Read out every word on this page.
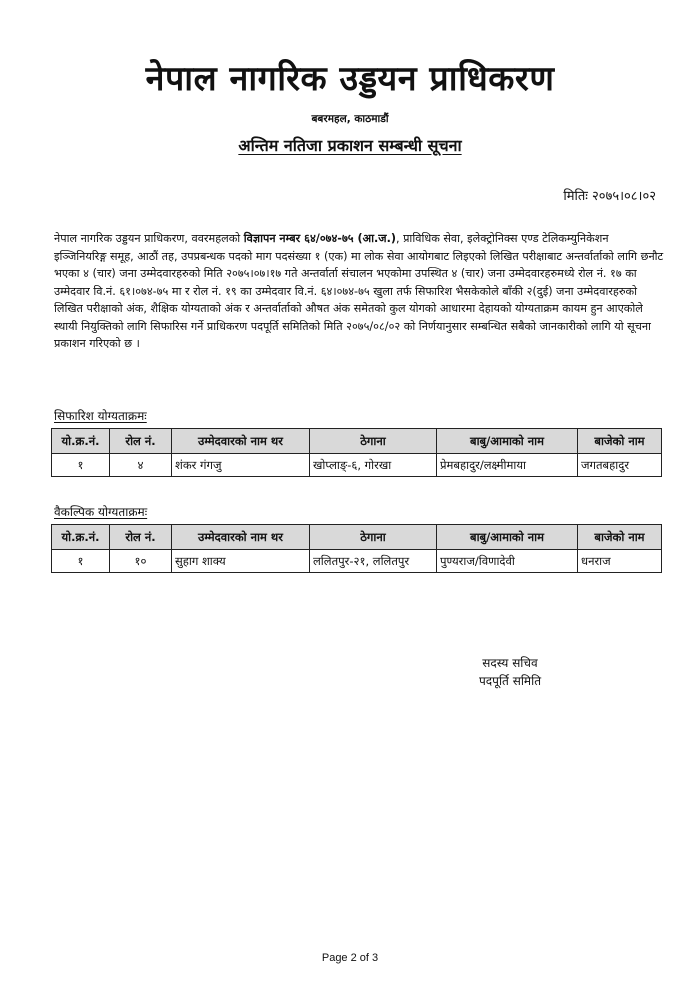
नेपाल नागरिक उड्डयन प्राधिकरण
बबरमहल, काठमाडौं
अन्तिम नतिजा प्रकाशन सम्बन्धी सूचना
मितिः २०७५।०८।०२
नेपाल नागरिक उड्डयन प्राधिकरण, ववरमहलको विज्ञापन नम्बर ६४/०७४-७५ (आ.ज.), प्राविधिक सेवा, इलेक्ट्रोनिक्स एण्ड टेलिकम्युनिकेशन इञ्जिनियरिङ्ग समूह, आठौं तह, उपप्रबन्धक पदको माग पदसंख्या १ (एक) मा लोक सेवा आयोगबाट लिइएको लिखित परीक्षाबाट अन्तर्वार्ताको लागि छनौट भएका ४ (चार) जना उम्मेदवारहरुको मिति २०७५।०७।१७ गते अन्तर्वार्ता संचालन भएकोमा उपस्थित ४ (चार) जना उम्मेदवारहरुमध्ये रोल नं. १७ का उम्मेदवार वि.नं. ६१।०७४-७५ मा र रोल नं. १९ का उम्मेदवार वि.नं. ६४।०७४-७५ खुला तर्फ सिफारिश भैसकेकोले बाँकी २(दुई) जना उम्मेदवारहरुको लिखित परीक्षाको अंक, शैक्षिक योग्यताको अंक र अन्तर्वार्ताको औषत अंक समेतको कुल योगको आधारमा देहायको योग्यताक्रम कायम हुन आएकोले स्थायी नियुक्तिको लागि सिफारिस गर्ने प्राधिकरण पदपूर्ति समितिको मिति २०७५/०८/०२ को निर्णयानुसार सम्बन्धित सबैको जानकारीको लागि यो सूचना प्रकाशन गरिएको छ ।
सिफारिश योग्यताक्रमः
यो.क्र.नं.	रोल नं.	उम्मेदवारको नाम थर	ठेगाना	बाबु/आमाको नाम	बाजेको नाम
१	४	शंकर गंगजु	खोप्लाङ्-६, गोरखा	प्रेमबहादुर/लक्ष्मीमाया	जगतबहादुर
वैकल्पिक योग्यताक्रमः
यो.क्र.नं.	रोल नं.	उम्मेदवारको नाम थर	ठेगाना	बाबु/आमाको नाम	बाजेको नाम
१	१०	सुहाग शाक्य	ललितपुर-२१, ललितपुर	पुण्यराज/विणादेवी	धनराज
सदस्य सचिव
पदपूर्ति समिति
Page 2 of 3
